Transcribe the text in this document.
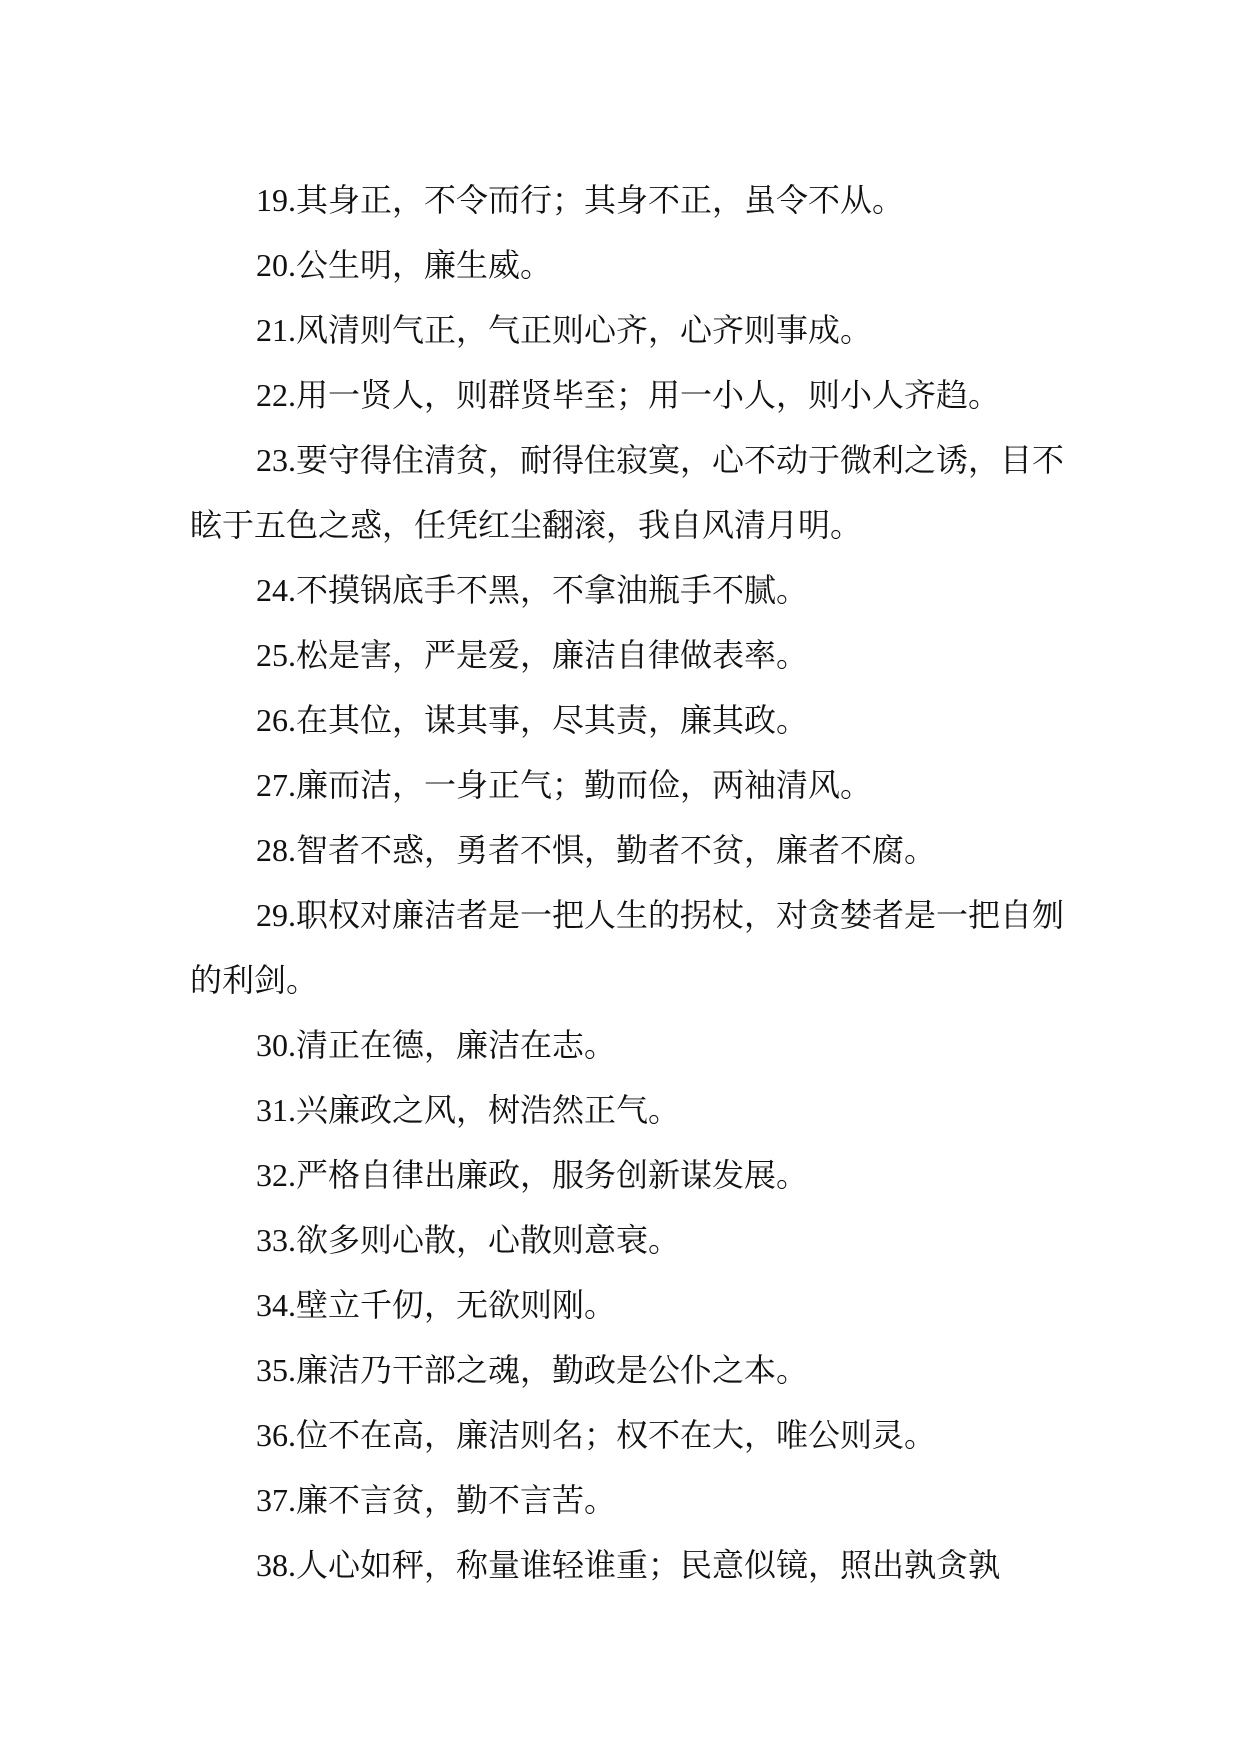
19.其身正，不令而行；其身不正，虽令不从。

20.公生明，廉生威。

21.风清则气正，气正则心齐，心齐则事成。

22.用一贤人，则群贤毕至；用一小人，则小人齐趋。

23.要守得住清贫，耐得住寂寞，心不动于微利之诱，目不眩于五色之惑，任凭红尘翻滚，我自风清月明。

24.不摸锅底手不黑，不拿油瓶手不腻。

25.松是害，严是爱，廉洁自律做表率。

26.在其位，谋其事，尽其责，廉其政。

27.廉而洁，一身正气；勤而俭，两袖清风。

28.智者不惑，勇者不惧，勤者不贫，廉者不腐。

29.职权对廉洁者是一把人生的拐杖，对贪婪者是一把自刎的利剑。

30.清正在德，廉洁在志。

31.兴廉政之风，树浩然正气。

32.严格自律出廉政，服务创新谋发展。

33.欲多则心散，心散则意衰。

34.壁立千仞，无欲则刚。

35.廉洁乃干部之魂，勤政是公仆之本。

36.位不在高，廉洁则名；权不在大，唯公则灵。

37.廉不言贫，勤不言苦。

38.人心如秤，称量谁轻谁重；民意似镜，照出孰贪孰
